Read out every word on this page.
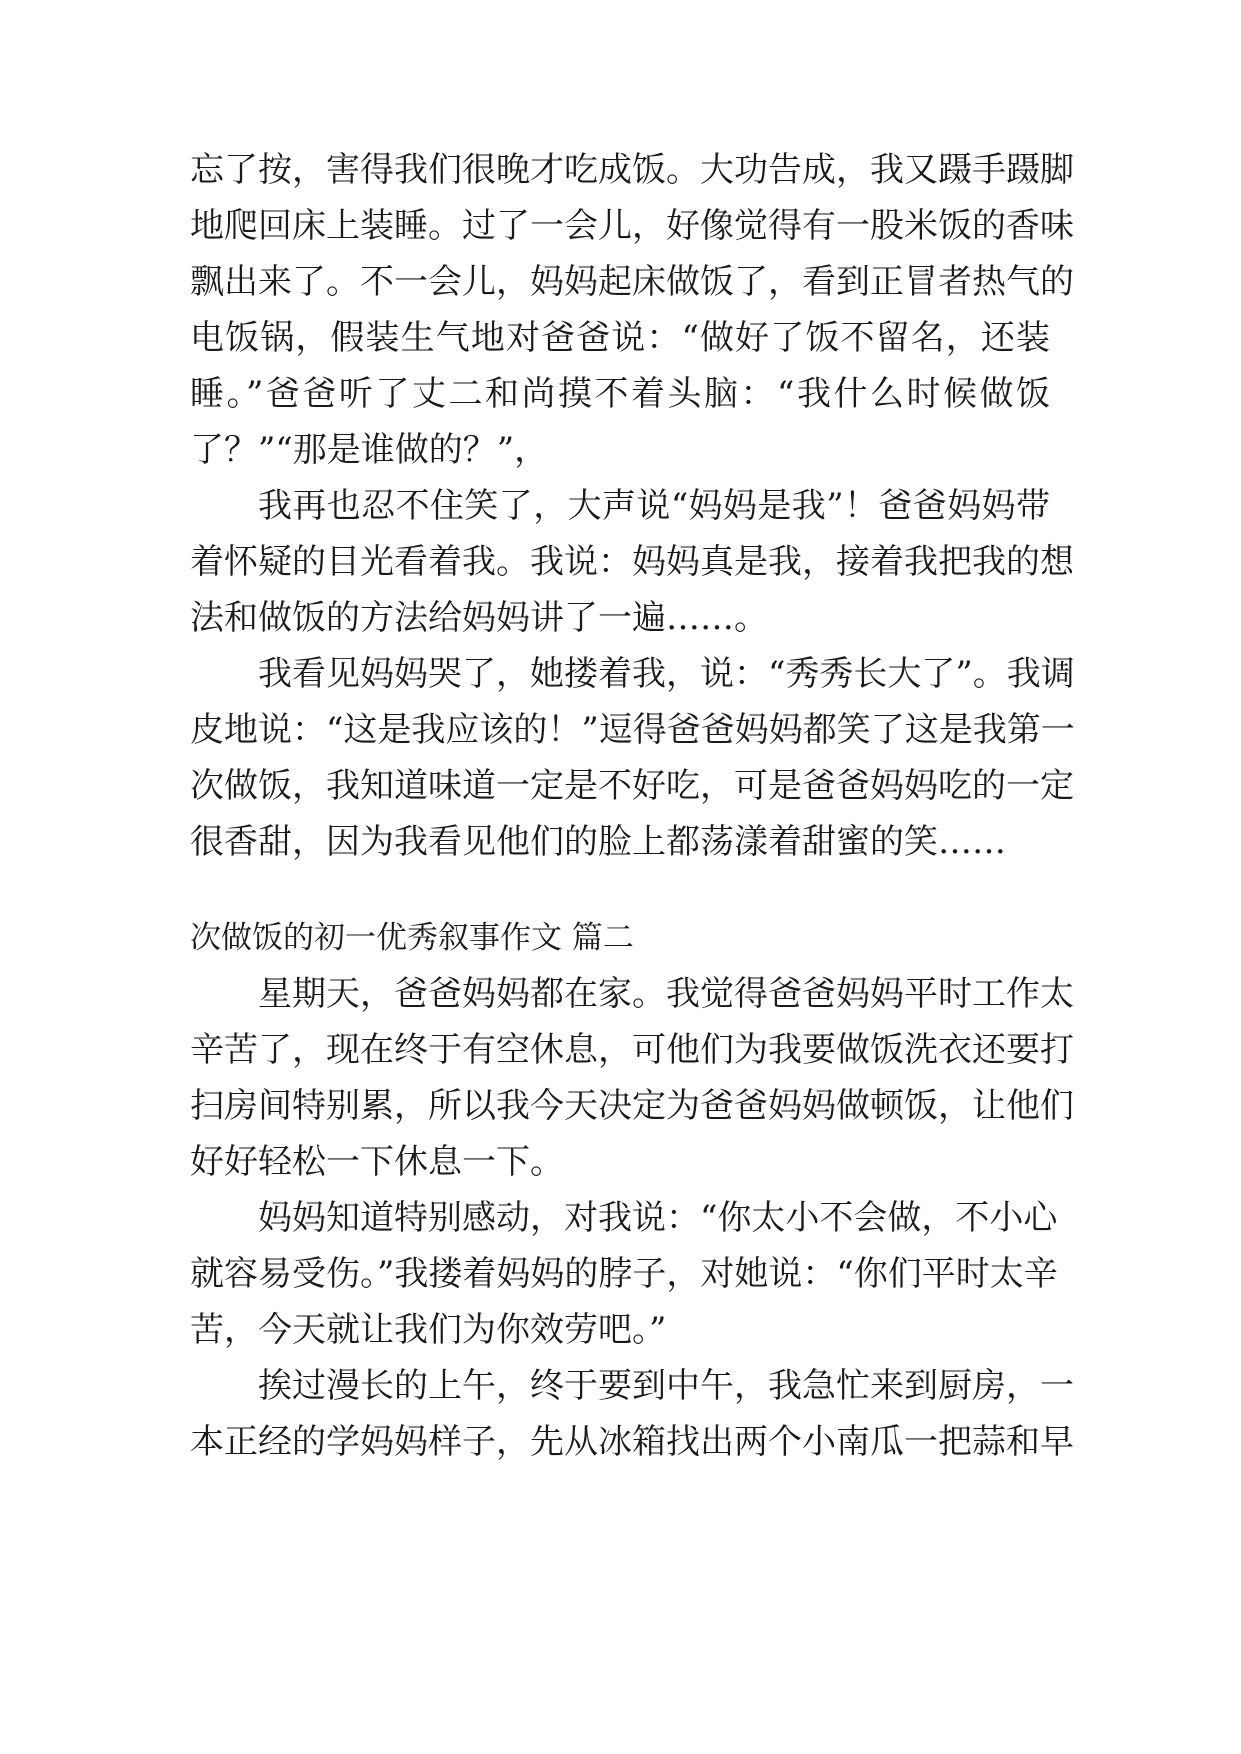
忘了按，害得我们很晚才吃成饭。大功告成，我又蹑手蹑脚
地爬回床上装睡。过了一会儿，好像觉得有一股米饭的香味
飘出来了。不一会儿，妈妈起床做饭了，看到正冒者热气的
电饭锅，假装生气地对爸爸说：“做好了饭不留名，还装
睡。”爸爸听了丈二和尚摸不着头脑：“我什么时候做饭
了？”“那是谁做的？”，
我再也忍不住笑了，大声说“妈妈是我”！爸爸妈妈带
着怀疑的目光看着我。我说：妈妈真是我，接着我把我的想
法和做饭的方法给妈妈讲了一遍……。
我看见妈妈哭了，她搂着我，说：“秀秀长大了”。我调
皮地说：“这是我应该的！”逗得爸爸妈妈都笑了这是我第一
次做饭，我知道味道一定是不好吃，可是爸爸妈妈吃的一定
很香甜，因为我看见他们的脸上都荡漾着甜蜜的笑……
次做饭的初一优秀叙事作文 篇二
星期天，爸爸妈妈都在家。我觉得爸爸妈妈平时工作太
辛苦了，现在终于有空休息，可他们为我要做饭洗衣还要打
扫房间特别累，所以我今天决定为爸爸妈妈做顿饭，让他们
好好轻松一下休息一下。
妈妈知道特别感动，对我说：“你太小不会做，不小心
就容易受伤。”我搂着妈妈的脖子，对她说：“你们平时太辛
苦，今天就让我们为你效劳吧。”
挨过漫长的上午，终于要到中午，我急忙来到厨房，一
本正经的学妈妈样子，先从冰箱找出两个小南瓜一把蒜和早
